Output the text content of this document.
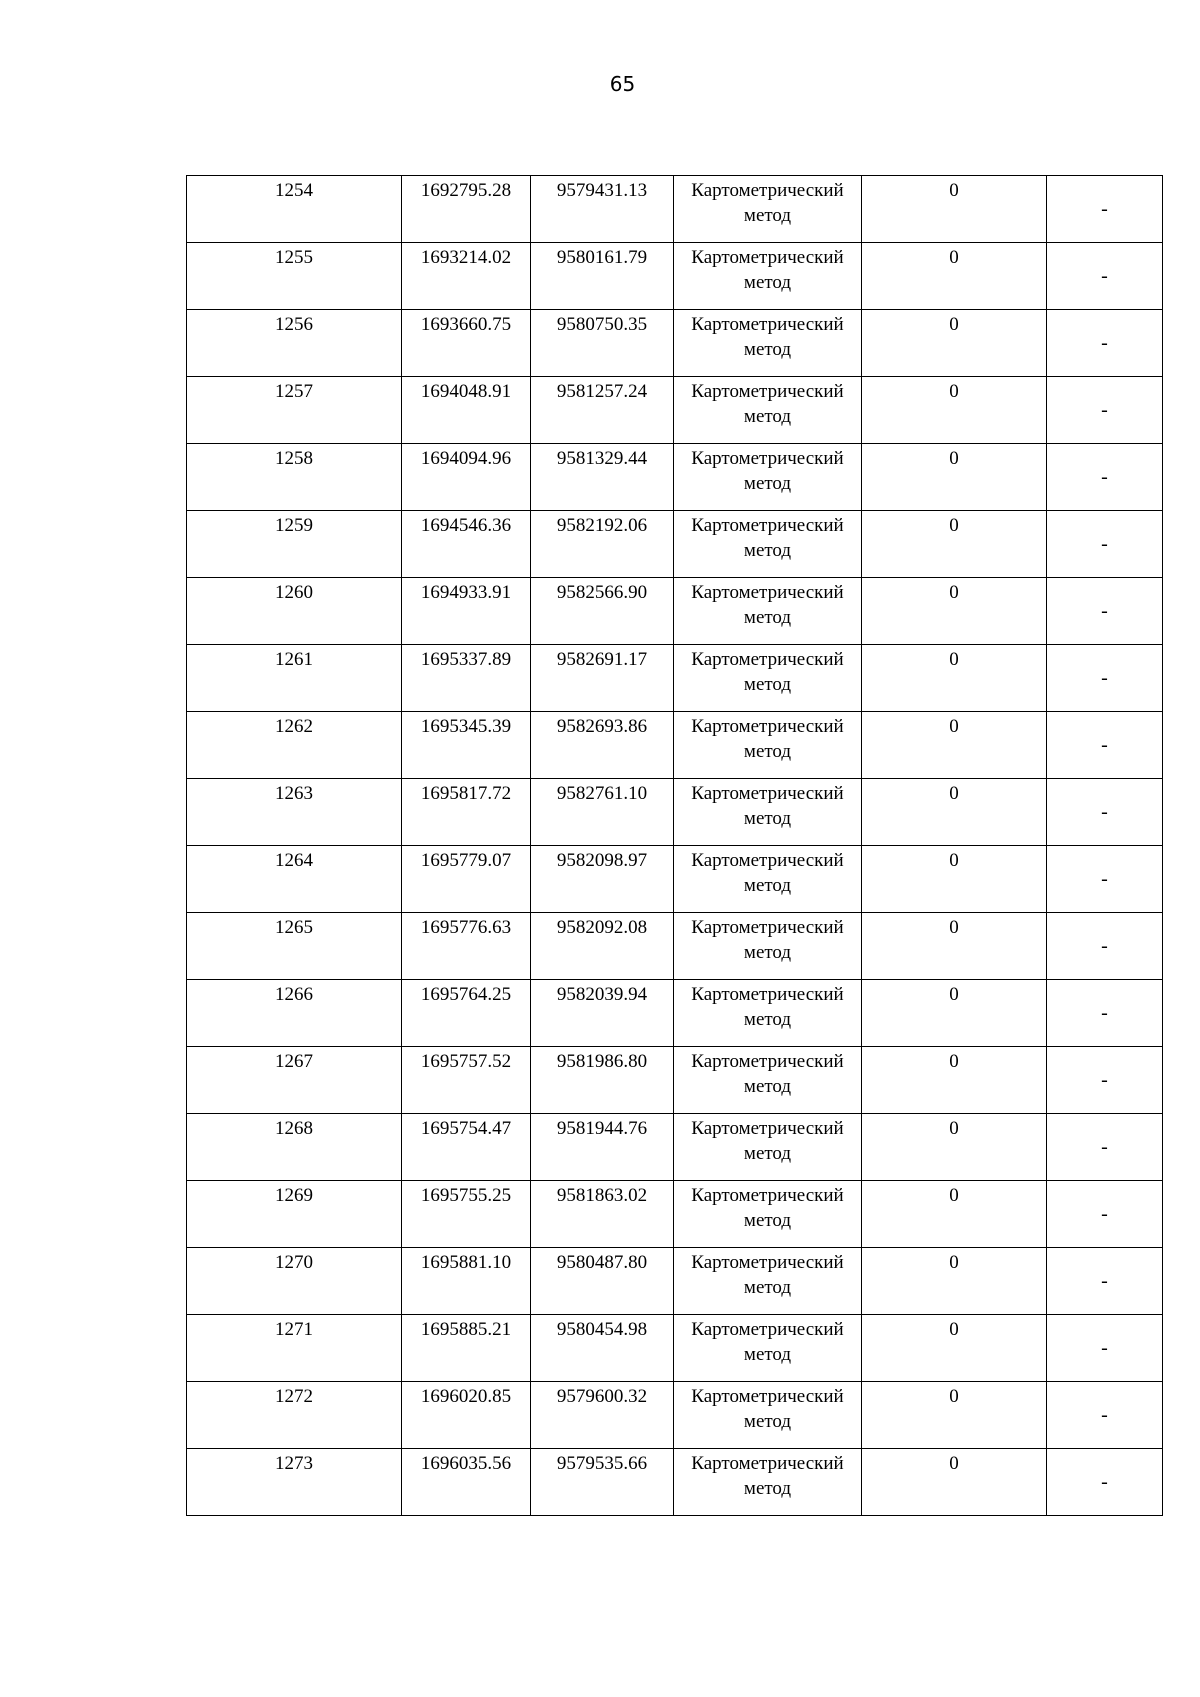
65
1254	1692795.28	9579431.13	Картометрический метод	0	-
1255	1693214.02	9580161.79	Картометрический метод	0	-
1256	1693660.75	9580750.35	Картометрический метод	0	-
1257	1694048.91	9581257.24	Картометрический метод	0	-
1258	1694094.96	9581329.44	Картометрический метод	0	-
1259	1694546.36	9582192.06	Картометрический метод	0	-
1260	1694933.91	9582566.90	Картометрический метод	0	-
1261	1695337.89	9582691.17	Картометрический метод	0	-
1262	1695345.39	9582693.86	Картометрический метод	0	-
1263	1695817.72	9582761.10	Картометрический метод	0	-
1264	1695779.07	9582098.97	Картометрический метод	0	-
1265	1695776.63	9582092.08	Картометрический метод	0	-
1266	1695764.25	9582039.94	Картометрический метод	0	-
1267	1695757.52	9581986.80	Картометрический метод	0	-
1268	1695754.47	9581944.76	Картометрический метод	0	-
1269	1695755.25	9581863.02	Картометрический метод	0	-
1270	1695881.10	9580487.80	Картометрический метод	0	-
1271	1695885.21	9580454.98	Картометрический метод	0	-
1272	1696020.85	9579600.32	Картометрический метод	0	-
1273	1696035.56	9579535.66	Картометрический метод	0	-
